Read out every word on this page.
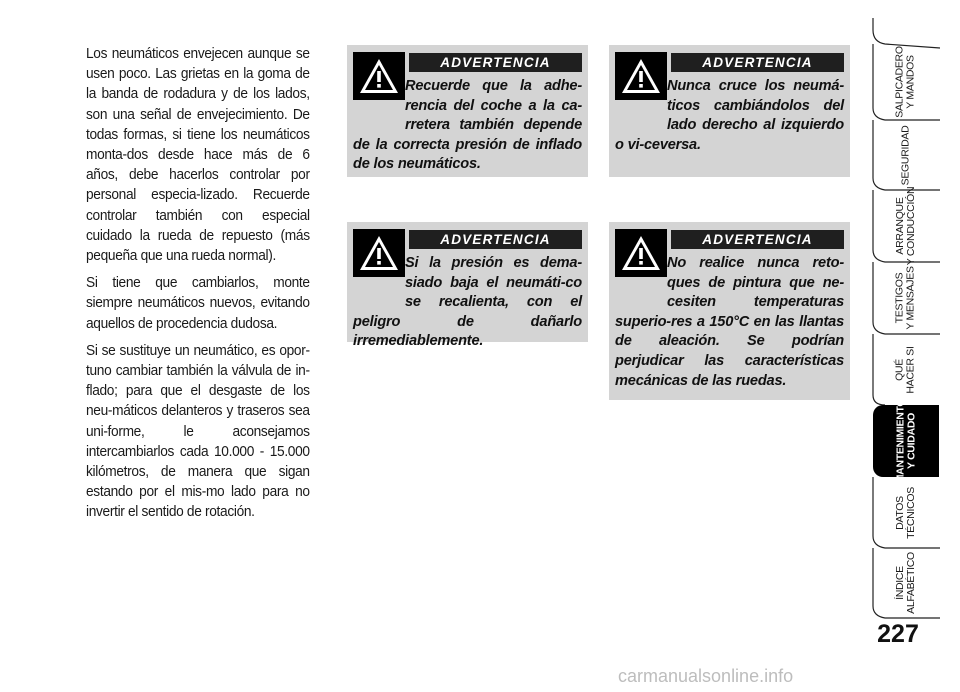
Los neumáticos envejecen aunque se usen poco. Las grietas en la goma de la banda de rodadura y de los lados, son una señal de envejecimiento. De todas formas, si tiene los neumáticos monta-dos desde hace más de 6 años, debe hacerlos controlar por personal especia-lizado. Recuerde controlar también con especial cuidado la rueda de repuesto (más pequeña que una rueda normal).

Si tiene que cambiarlos, monte siempre neumáticos nuevos, evitando aquellos de procedencia dudosa.

Si se sustituye un neumático, es opor-tuno cambiar también la válvula de in-flado; para que el desgaste de los neu-máticos delanteros y traseros sea uni-forme, le aconsejamos intercambiarlos cada 10.000 - 15.000 kilómetros, de manera que sigan estando por el mis-mo lado para no invertir el sentido de rotación.

ADVERTENCIA
Recuerde que la adhe-rencia del coche a la ca-rretera también depende de la correcta presión de inflado de los neumáticos.
ADVERTENCIA
Nunca cruce los neumá-ticos cambiándolos del lado derecho al izquierdo o vi-ceversa.
ADVERTENCIA
Si la presión es dema-siado baja el neumáti-co se recalienta, con el peligro de dañarlo irremediablemente.
ADVERTENCIA
No realice nunca reto-ques de pintura que ne-cesiten temperaturas superio-res a 150°C en las llantas de aleación. Se podrían perjudicar las características mecánicas de las ruedas.
SALPICADERO
Y MANDOS
SEGURIDAD
ARRANQUE
Y CONDUCCIÓN
TESTIGOS
Y MENSAJES
QUÉ
HACER SI
MANTENIMIENTO
Y CUIDADO
DATOS
TÉCNICOS
ÍNDICE
ALFABÉTICO
227
carmanualsonline.info
